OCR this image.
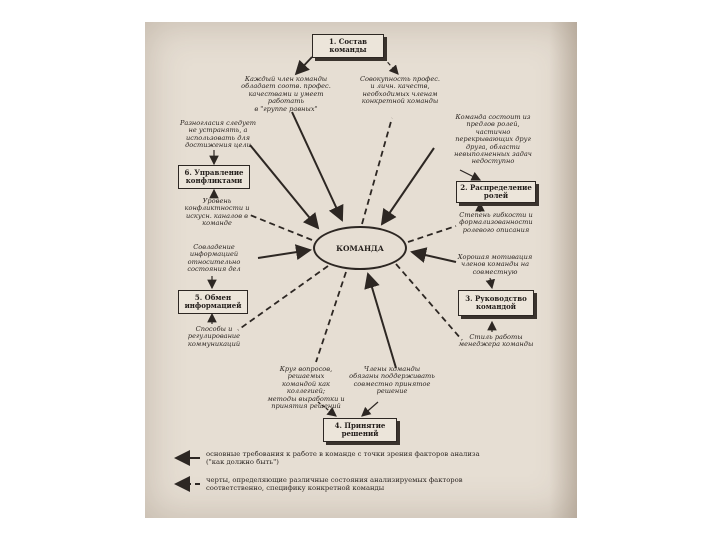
1. Состав
команды
2. Распределение
ролей
3. Руководство
командой
4. Принятие
решений
5. Обмен
информацией
6. Управление
конфликтами
КОМАНДА
Каждый член команды
обладает соотв. профес.
качествами и умеет работать
в "группе равных"
Совокупность профес.
и личн. качеств,
необходимых членам
конкретной команды
Команда состоит из
предлов ролей, частично
перекрывающих друг
друга, области
невыполненных задач
недоступно
Степень гибкости и
формализованности
ролевого описания
Хорошая мотивация
членов команды на
совместную
Стиль работы
менеджера команды
Члены команды
обязаны поддерживать
совместно принятое
решение
Круг вопросов, решаемых
командой как коллегией;
методы выработки и
принятия решений
Способы и
регулирование
коммуникаций
Совладение
информацией
относительно
состояния дел
Разногласия следует
не устранять, а
использовать для
достижения цели
Уровень
конфликтности и
искусн. каналов в
команде
основные требования к работе в команде с точки зрения факторов анализа
("как должно быть")
черты, определяющие различные состояния анализируемых факторов
соответственно, специфику конкретной команды
